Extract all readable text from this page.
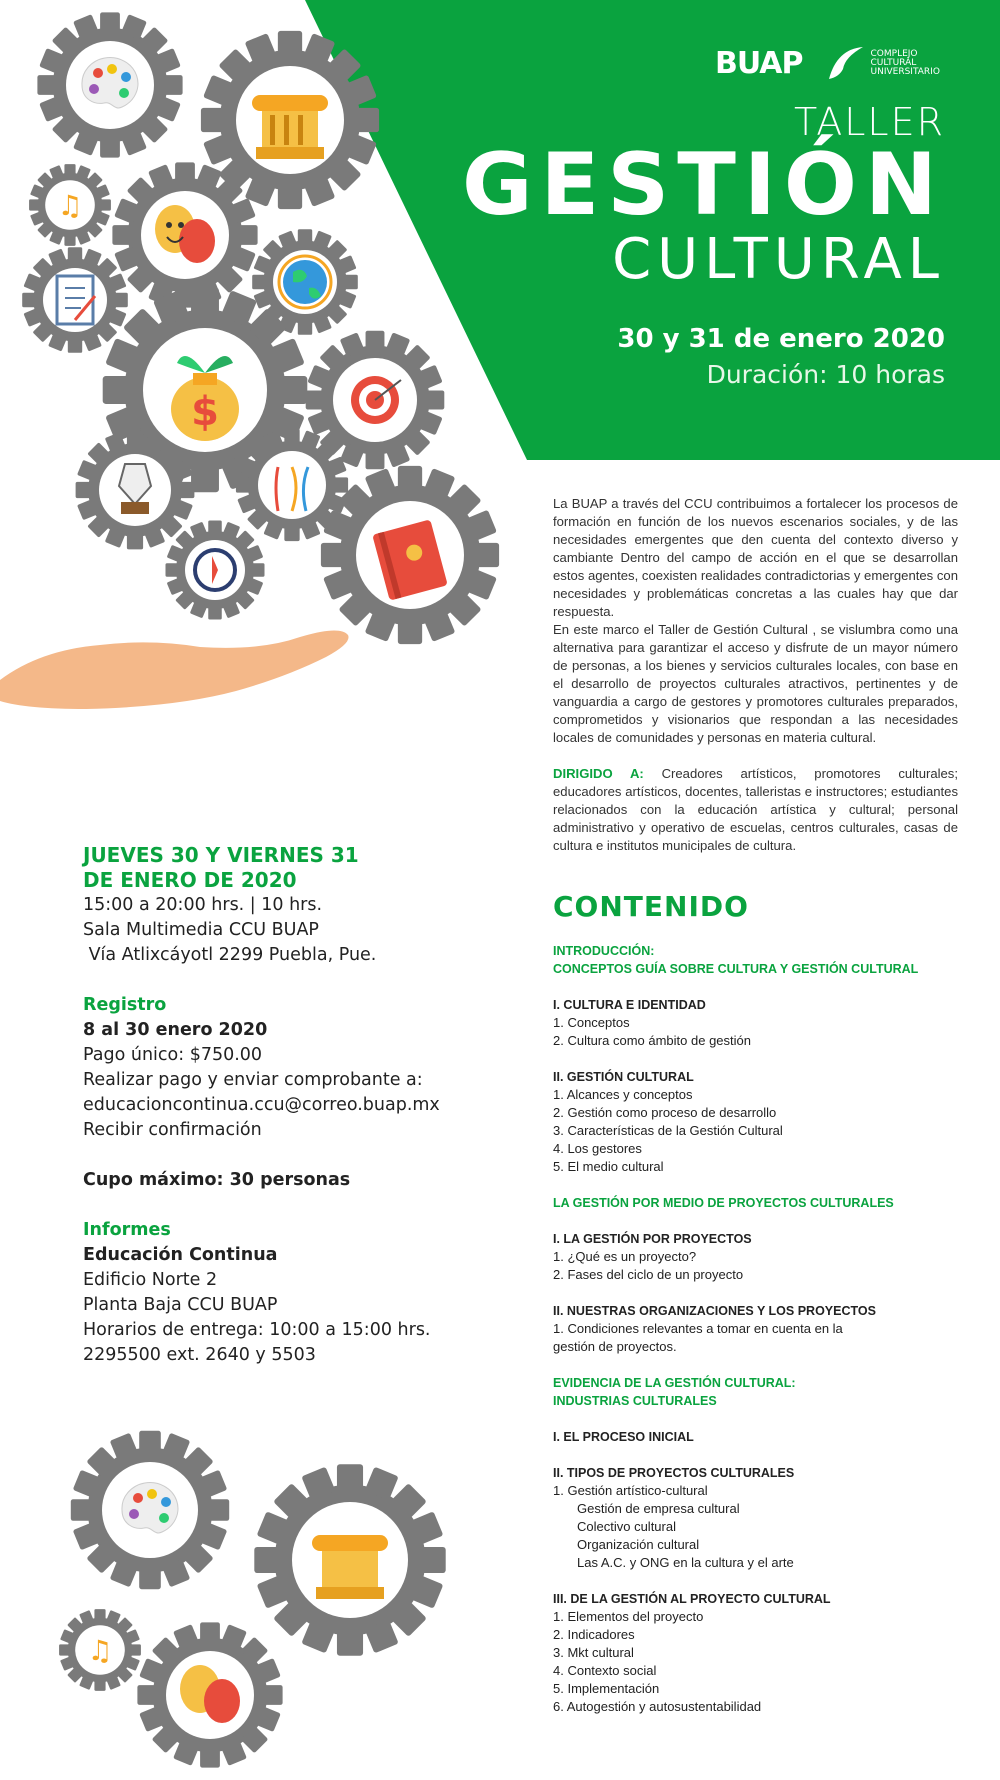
♫
$
BUAP	COMPLEJO
CULTURAL
UNIVERSITARIO
TALLER
GESTIÓN
CULTURAL
30 y 31 de enero 2020
Duración: 10 horas

La BUAP a través del CCU contribuimos a fortalecer los procesos de formación en función de los nuevos escenarios sociales, y de las necesidades emergentes que den cuenta del contexto diverso y cambiante Dentro del campo de acción en el que se desarrollan estos agentes, coexisten realidades contradictorias y emergentes con necesidades y problemáticas concretas a las cuales hay que dar respuesta.

En este marco el Taller de Gestión Cultural , se vislumbra como una alternativa para garantizar el acceso y disfrute de un mayor número de personas, a los bienes y servicios culturales locales, con base en el desarrollo de proyectos culturales atractivos, pertinentes y de vanguardia a cargo de gestores y promotores culturales preparados, comprometidos y visionarios que respondan a las necesidades locales de comunidades y personas en materia cultural.

DIRIGIDO A: Creadores artísticos, promotores culturales; educadores artísticos, docentes, talleristas e instructores; estudiantes relacionados con la educación artística y cultural; personal administrativo y operativo de escuelas, centros culturales, casas de cultura e institutos municipales de cultura.

CONTENIDO
INTRODUCCIÓN:
CONCEPTOS GUÍA SOBRE CULTURA Y GESTIÓN CULTURAL
I. CULTURA E IDENTIDAD
1. Conceptos
2. Cultura como ámbito de gestión
II. GESTIÓN CULTURAL
1. Alcances y conceptos
2. Gestión como proceso de desarrollo
3. Características de la Gestión Cultural
4. Los gestores
5. El medio cultural
LA GESTIÓN POR MEDIO DE PROYECTOS CULTURALES
I. LA GESTIÓN POR PROYECTOS
1. ¿Qué es un proyecto?
2. Fases del ciclo de un proyecto
II. NUESTRAS ORGANIZACIONES Y LOS PROYECTOS
1. Condiciones relevantes a tomar en cuenta en la
gestión de proyectos.
EVIDENCIA DE LA GESTIÓN CULTURAL:
INDUSTRIAS CULTURALES
I. EL PROCESO INICIAL
II. TIPOS DE PROYECTOS CULTURALES
1. Gestión artístico-cultural
Gestión de empresa cultural
Colectivo cultural
Organización cultural
Las A.C. y ONG en la cultura y el arte
III. DE LA GESTIÓN AL PROYECTO CULTURAL
1. Elementos del proyecto
2. Indicadores
3. Mkt cultural
4. Contexto social
5. Implementación
6. Autogestión y autosustentabilidad
JUEVES 30 Y VIERNES 31
DE ENERO DE 2020
15:00 a 20:00 hrs. | 10 hrs.
Sala Multimedia CCU BUAP
Vía Atlixcáyotl 2299 Puebla, Pue.
Registro
8 al 30 enero 2020
Pago único: $750.00
Realizar pago y enviar comprobante a:
educacioncontinua.ccu@correo.buap.mx
Recibir confirmación
Cupo máximo: 30 personas
Informes
Educación Continua
Edificio Norte 2
Planta Baja CCU BUAP
Horarios de entrega: 10:00 a 15:00 hrs.
2295500 ext. 2640 y 5503
♫
